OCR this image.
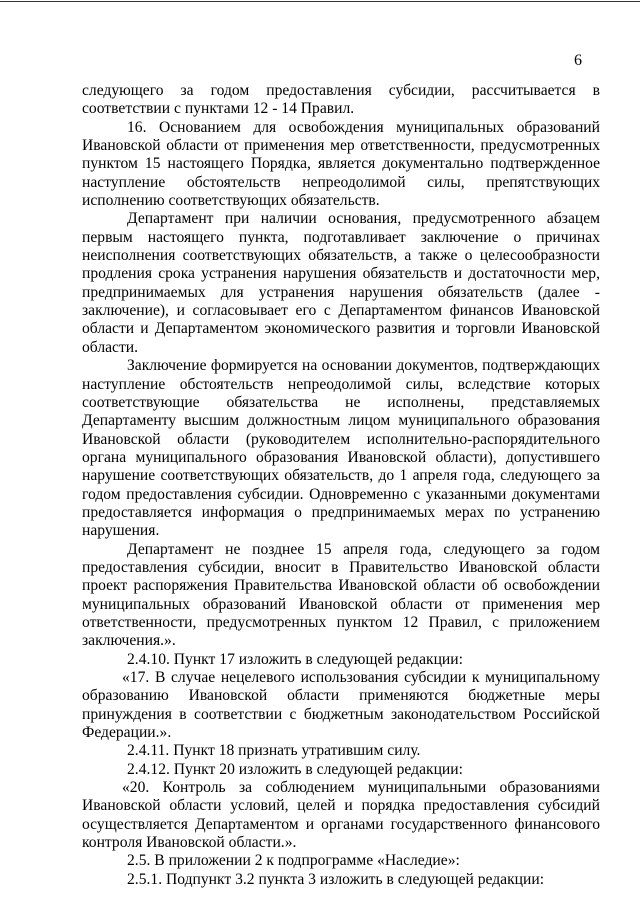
6

следующего за годом предоставления субсидии, рассчитывается в соответствии с пунктами 12 - 14 Правил.

16. Основанием для освобождения муниципальных образований Ивановской области от применения мер ответственности, предусмотренных пунктом 15 настоящего Порядка, является документально подтвержденное наступление обстоятельств непреодолимой силы, препятствующих исполнению соответствующих обязательств.

Департамент при наличии основания, предусмотренного абзацем первым настоящего пункта, подготавливает заключение о причинах неисполнения соответствующих обязательств, а также о целесообразности продления срока устранения нарушения обязательств и достаточности мер, предпринимаемых для устранения нарушения обязательств (далее - заключение), и согласовывает его с Департаментом финансов Ивановской области и Департаментом экономического развития и торговли Ивановской области.

Заключение формируется на основании документов, подтверждающих наступление обстоятельств непреодолимой силы, вследствие которых соответствующие обязательства не исполнены, представляемых Департаменту высшим должностным лицом муниципального образования Ивановской области (руководителем исполнительно-распорядительного органа муниципального образования Ивановской области), допустившего нарушение соответствующих обязательств, до 1 апреля года, следующего за годом предоставления субсидии. Одновременно с указанными документами предоставляется информация о предпринимаемых мерах по устранению нарушения.

Департамент не позднее 15 апреля года, следующего за годом предоставления субсидии, вносит в Правительство Ивановской области проект распоряжения Правительства Ивановской области об освобождении муниципальных образований Ивановской области от применения мер ответственности, предусмотренных пунктом 12 Правил, с приложением заключения.».

2.4.10. Пункт 17 изложить в следующей редакции:

«17. В случае нецелевого использования субсидии к муниципальному образованию Ивановской области применяются бюджетные меры принуждения в соответствии с бюджетным законодательством Российской Федерации.».

2.4.11. Пункт 18 признать утратившим силу.

2.4.12. Пункт 20 изложить в следующей редакции:

«20. Контроль за соблюдением муниципальными образованиями Ивановской области условий, целей и порядка предоставления субсидий осуществляется Департаментом и органами государственного финансового контроля Ивановской области.».

2.5. В приложении 2 к подпрограмме «Наследие»:

2.5.1. Подпункт 3.2 пункта 3 изложить в следующей редакции:
